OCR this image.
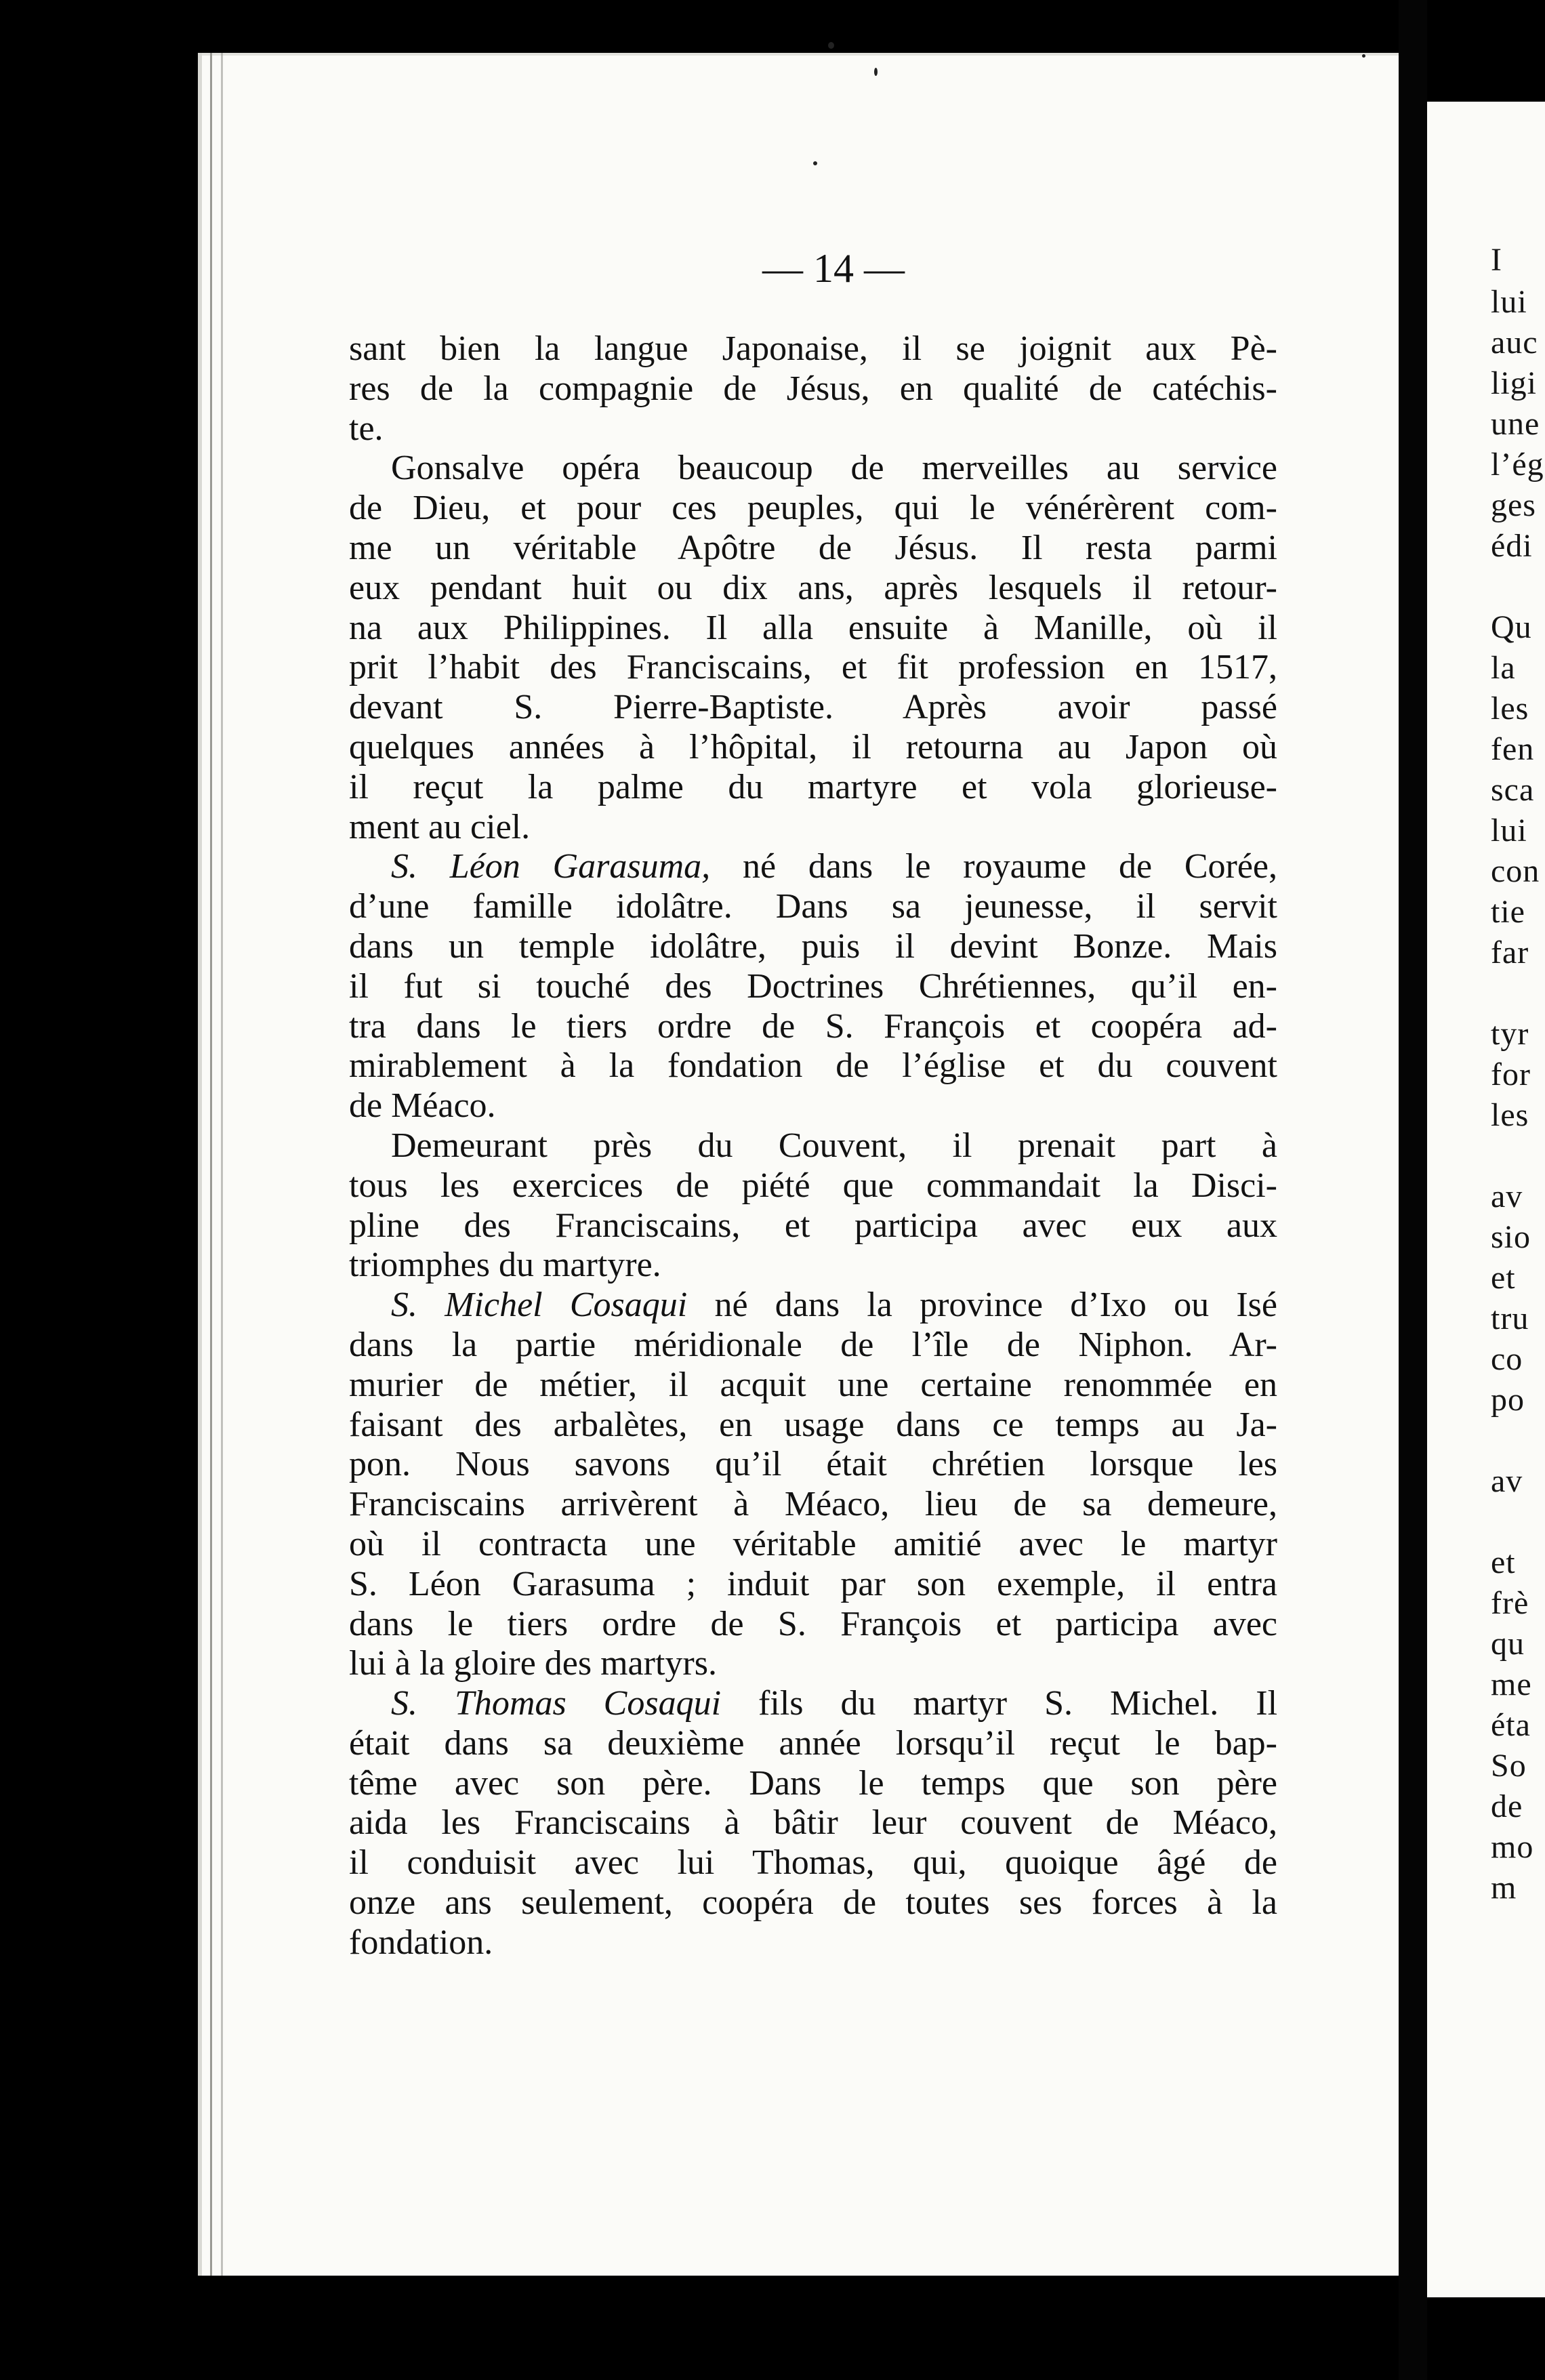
I
lui
auc
ligi
une
l’ég
ges
édi
Qu
la
les
fen
sca
lui
con
tie
far
tyr
for
les
av
sio
et
tru
co
po
av
et
frè
qu
me
éta
So
de
mo
m
— 14 —
sant bien la langue Japonaise, il se joignit aux Pè-
res de la compagnie de Jésus, en qualité de catéchis-
te.
Gonsalve opéra beaucoup de merveilles au service
de Dieu, et pour ces peuples, qui le vénérèrent com-
me un véritable Apôtre de Jésus. Il resta parmi
eux pendant huit ou dix ans, après lesquels il retour-
na aux Philippines. Il alla ensuite à Manille, où il
prit l’habit des Franciscains, et fit profession en 1517,
devant S. Pierre-Baptiste. Après avoir passé
quelques années à l’hôpital, il retourna au Japon où
il reçut la palme du martyre et vola glorieuse-
ment au ciel.
S. Léon Garasuma, né dans le royaume de Corée,
d’une famille idolâtre. Dans sa jeunesse, il servit
dans un temple idolâtre, puis il devint Bonze. Mais
il fut si touché des Doctrines Chrétiennes, qu’il en-
tra dans le tiers ordre de S. François et coopéra ad-
mirablement à la fondation de l’église et du couvent
de Méaco.
Demeurant près du Couvent, il prenait part à
tous les exercices de piété que commandait la Disci-
pline des Franciscains, et participa avec eux aux
triomphes du martyre.
S. Michel Cosaqui né dans la province d’Ixo ou Isé
dans la partie méridionale de l’île de Niphon. Ar-
murier de métier, il acquit une certaine renommée en
faisant des arbalètes, en usage dans ce temps au Ja-
pon. Nous savons qu’il était chrétien lorsque les
Franciscains arrivèrent à Méaco, lieu de sa demeure,
où il contracta une véritable amitié avec le martyr
S. Léon Garasuma ; induit par son exemple, il entra
dans le tiers ordre de S. François et participa avec
lui à la gloire des martyrs.
S. Thomas Cosaqui fils du martyr S. Michel. Il
était dans sa deuxième année lorsqu’il reçut le bap-
tême avec son père. Dans le temps que son père
aida les Franciscains à bâtir leur couvent de Méaco,
il conduisit avec lui Thomas, qui, quoique âgé de
onze ans seulement, coopéra de toutes ses forces à la
fondation.
